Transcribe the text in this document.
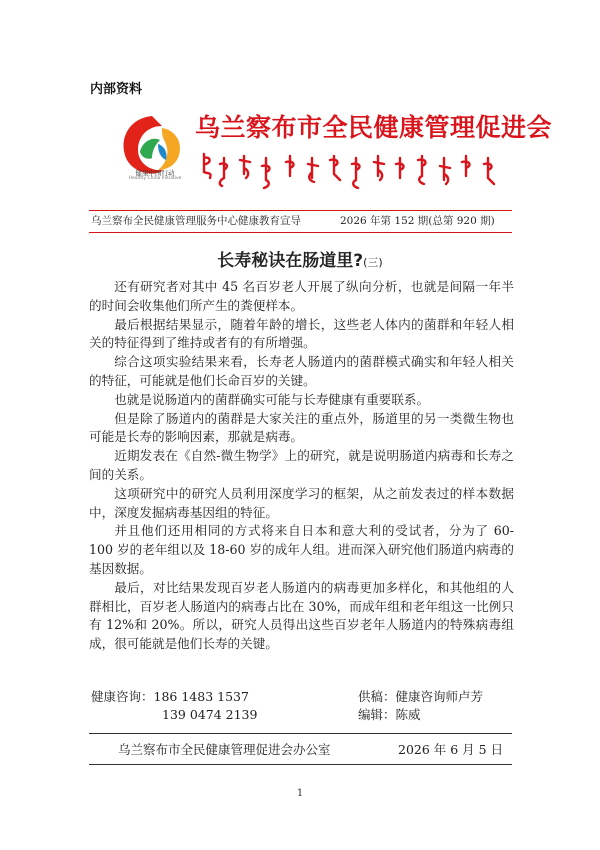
内部资料
健康中国行动
Healthy China Initiative
乌兰察布市全民健康管理促进会
乌兰察布全民健康管理服务中心健康教育宣导	2026 年第 152 期(总第 920 期)
长寿秘诀在肠道里?(三)

还有研究者对其中 45 名百岁老人开展了纵向分析，也就是间隔一年半的时间会收集他们所产生的粪便样本。

最后根据结果显示，随着年龄的增长，这些老人体内的菌群和年轻人相关的特征得到了维持或者有的有所增强。

综合这项实验结果来看，长寿老人肠道内的菌群模式确实和年轻人相关的特征，可能就是他们长命百岁的关键。

也就是说肠道内的菌群确实可能与长寿健康有重要联系。

但是除了肠道内的菌群是大家关注的重点外，肠道里的另一类微生物也可能是长寿的影响因素，那就是病毒。

近期发表在《自然-微生物学》上的研究，就是说明肠道内病毒和长寿之间的关系。

这项研究中的研究人员利用深度学习的框架，从之前发表过的样本数据中，深度发掘病毒基因组的特征。

并且他们还用相同的方式将来自日本和意大利的受试者，分为了 60-100 岁的老年组以及 18-60 岁的成年人组。进而深入研究他们肠道内病毒的基因数据。

最后，对比结果发现百岁老人肠道内的病毒更加多样化，和其他组的人群相比，百岁老人肠道内的病毒占比在 30%，而成年组和老年组这一比例只有 12%和 20%。所以，研究人员得出这些百岁老年人肠道内的特殊病毒组成，很可能就是他们长寿的关键。

健康咨询：186 1483 1537
139 0474 2139
供稿：健康咨询师卢芳
编辑：陈威
乌兰察布市全民健康管理促进会办公室	2026 年 6 月 5 日
1
